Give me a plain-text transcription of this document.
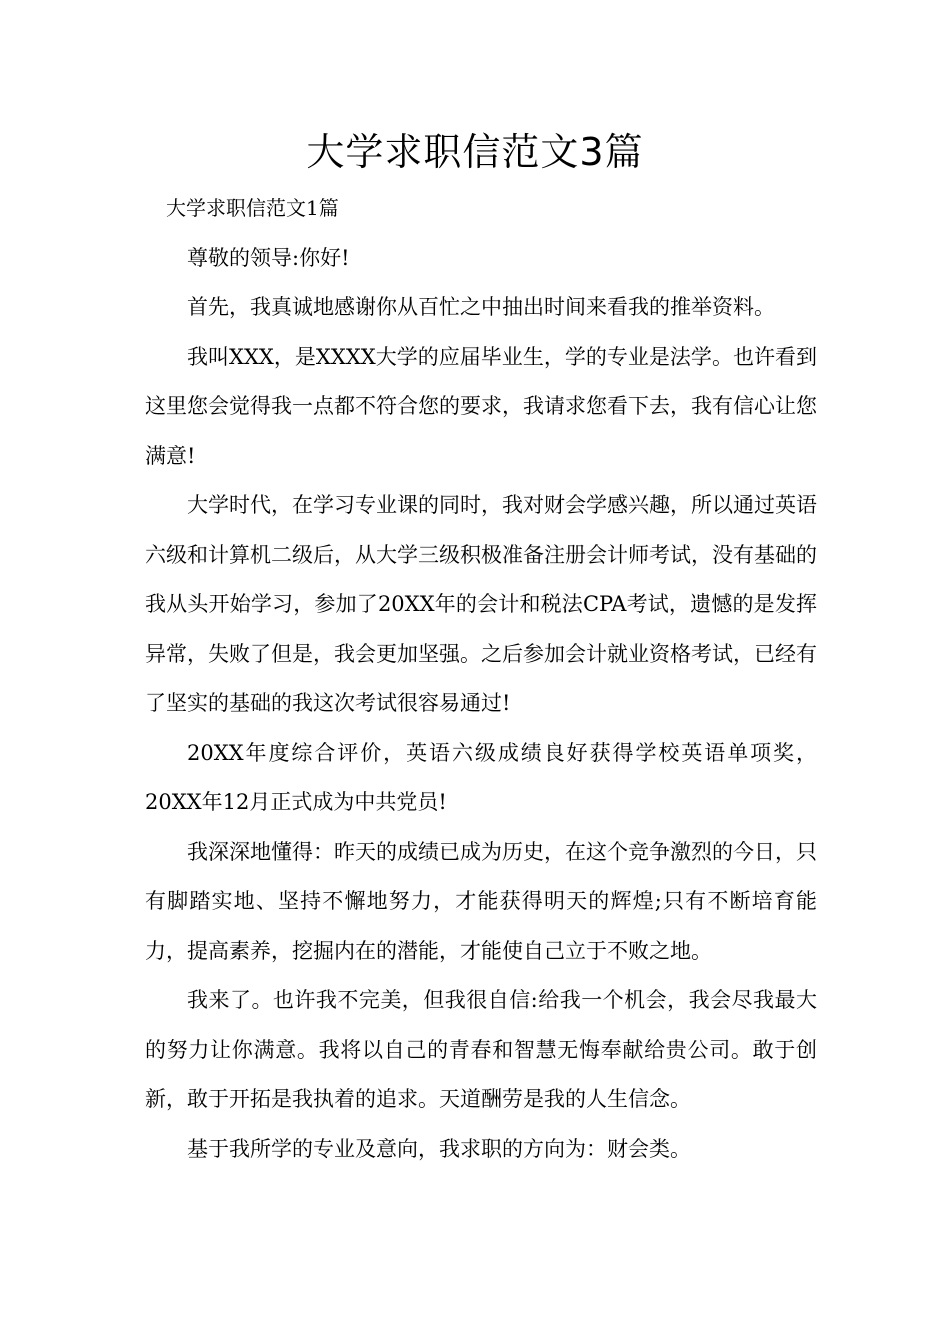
大学求职信范文3篇

大学求职信范文1篇

尊敬的领导:你好!

首先，我真诚地感谢你从百忙之中抽出时间来看我的推举资料。

我叫XXX，是XXXX大学的应届毕业生，学的专业是法学。也许看到这里您会觉得我一点都不符合您的要求，我请求您看下去，我有信心让您满意!

大学时代，在学习专业课的同时，我对财会学感兴趣，所以通过英语六级和计算机二级后，从大学三级积极准备注册会计师考试，没有基础的我从头开始学习，参加了20XX年的会计和税法CPA考试，遗憾的是发挥异常，失败了但是，我会更加坚强。之后参加会计就业资格考试，已经有了坚实的基础的我这次考试很容易通过!

20XX年度综合评价，英语六级成绩良好获得学校英语单项奖，20XX年12月正式成为中共党员!

我深深地懂得：昨天的成绩已成为历史，在这个竞争激烈的今日，只有脚踏实地、坚持不懈地努力，才能获得明天的辉煌;只有不断培育能力，提高素养，挖掘内在的潜能，才能使自己立于不败之地。

我来了。也许我不完美，但我很自信:给我一个机会，我会尽我最大的努力让你满意。我将以自己的青春和智慧无悔奉献给贵公司。敢于创新，敢于开拓是我执着的追求。天道酬劳是我的人生信念。

基于我所学的专业及意向，我求职的方向为：财会类。
